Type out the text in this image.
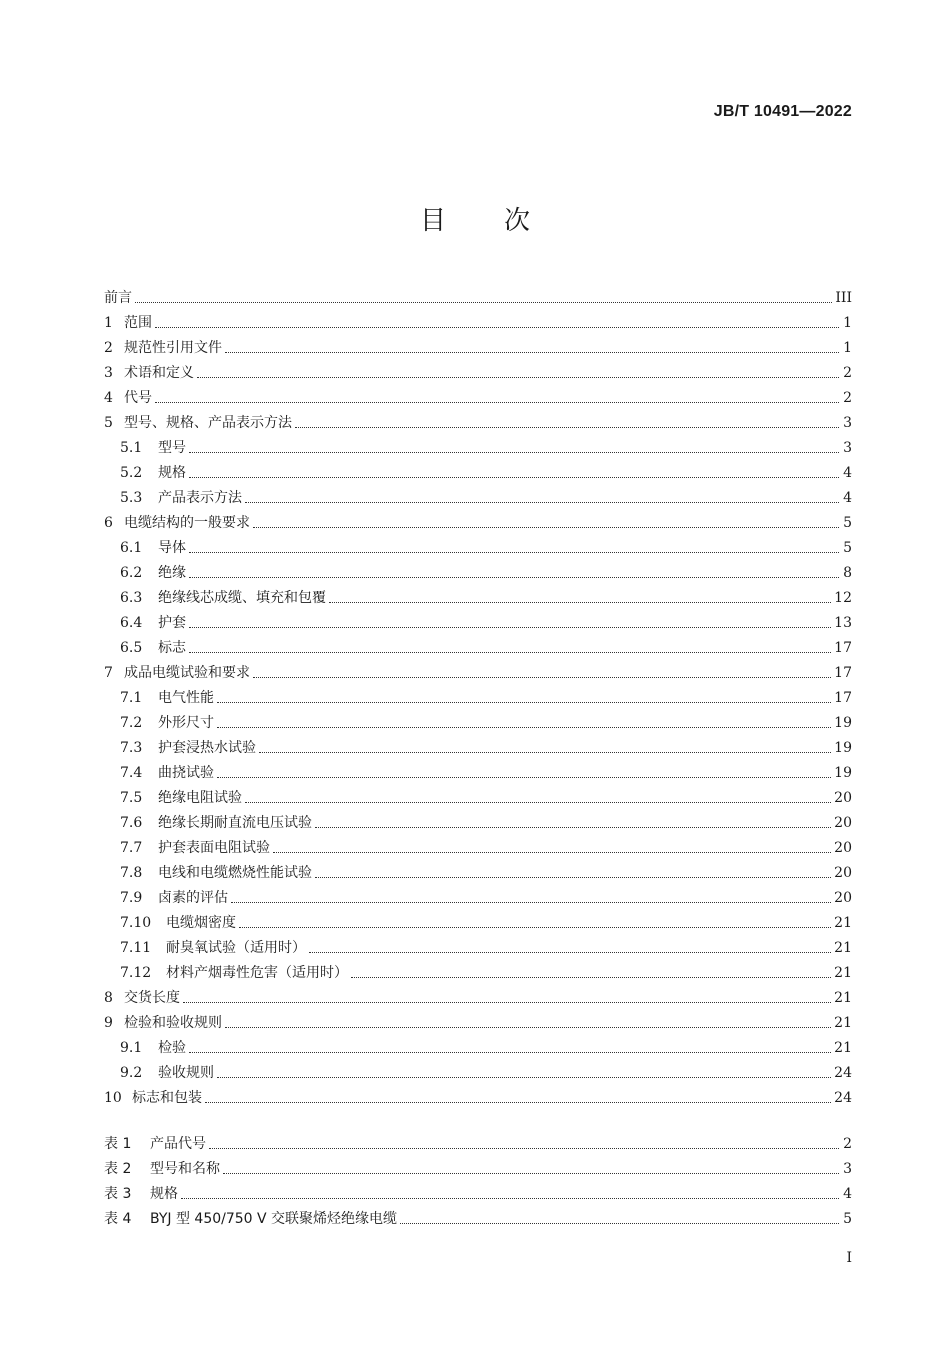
JB/T 10491—2022
目次
前言	III
1 范围	1
2 规范性引用文件	1
3 术语和定义	2
4 代号	2
5 型号、规格、产品表示方法	3
5.1	型号	3
5.2	规格	4
5.3	产品表示方法	4
6 电缆结构的一般要求	5
6.1	导体	5
6.2	绝缘	8
6.3	绝缘线芯成缆、填充和包覆	12
6.4	护套	13
6.5	标志	17
7 成品电缆试验和要求	17
7.1	电气性能	17
7.2	外形尺寸	19
7.3	护套浸热水试验	19
7.4	曲挠试验	19
7.5	绝缘电阻试验	20
7.6	绝缘长期耐直流电压试验	20
7.7	护套表面电阻试验	20
7.8	电线和电缆燃烧性能试验	20
7.9	卤素的评估	20
7.10	电缆烟密度	21
7.11	耐臭氧试验（适用时）	21
7.12	材料产烟毒性危害（适用时）	21
8 交货长度	21
9 检验和验收规则	21
9.1	检验	21
9.2	验收规则	24
10 标志和包装	24
表 1	产品代号	2
表 2	型号和名称	3
表 3	规格	4
表 4	BYJ 型 450/750 V 交联聚烯烃绝缘电缆	5
I
